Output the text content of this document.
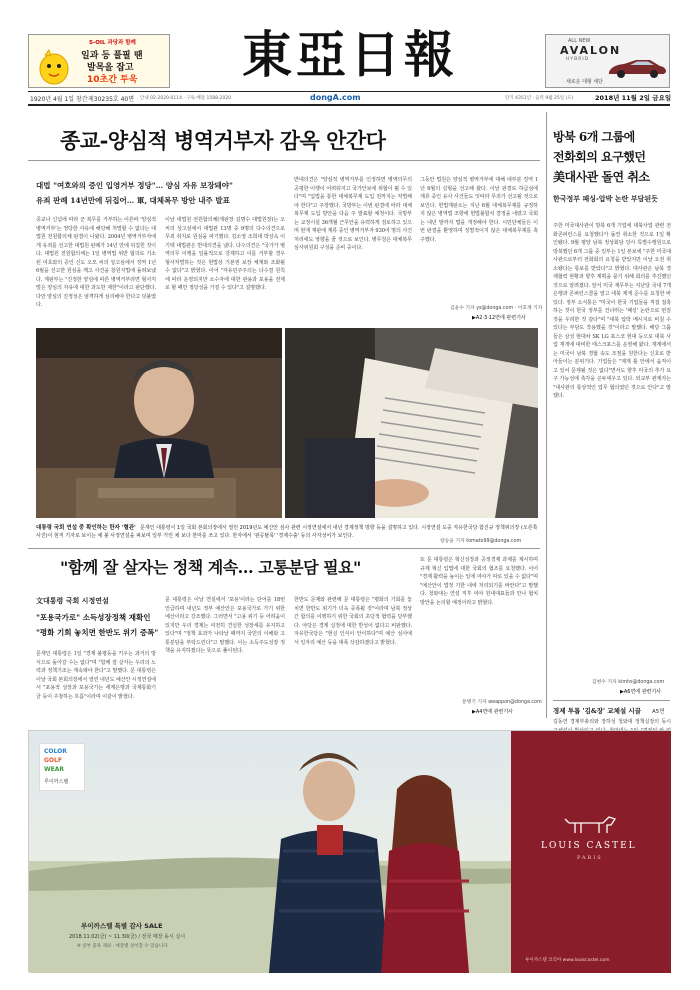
S-OIL 과당과 함께
일과 등 풀필 땐
발목을 잡고
10초간 투욱 東亞日報	ALL NEW
AVALON
HYBRID
새로운 대형 세단
1920년 4월 1일 창간 제30235호 40면 안내 02-2020-0114 · 구독·배달 1588-2020	dongA.com	단기 4351년 · 음력 9월 25일 (도)	2018년 11월 2일 금요일
종교-양심적 병역거부자 감옥 안간다
대법 "여호와의 증인 입영거부 정당"… 양심 자유 보장돼야"
유죄 판례 14년만에 뒤집어… 軍, 대체복무 방안 내주 발표
종교나 신념에 따라 군 복무를 거부하는 이른바 '양심적 병역거부'는 정당한 사유에 해당해 처벌할 수 없다는 대법원 전원합의체 판결이 나왔다. 2004년 병역거부자에게 유죄를 선고한 대법원 판례가 14년 만에 뒤집힌 것이다. 대법원 전원합의체는 1일 병역법 위반 혐의로 기소된 여호와의 증인 신도 오모 씨의 상고심에서 징역 1년 6월을 선고한 원심을 깨고 사건을 창원지법에 돌려보냈다. 재판부는 "진정한 양심에 따른 병역거부라면 형사처벌은 양심의 자유에 대한 과도한 제한"이라고 판단했다. 다만 양심의 진정성은 엄격하게 심리해야 한다고 덧붙였다.
이날 대법원 전원합의체(재판장 김명수 대법원장)는 오씨의 상고심에서 대법관 13명 중 9명의 다수의견으로 무죄 취지로 원심을 파기했다. 김소영 조희대 박상옥 이기택 대법관은 반대의견을 냈다. 다수의견은 "국가가 병역의무 이행을 일률적으로 강제하고 이를 거부할 경우 형사처벌하는 것은 헌법상 기본권 보장 체계와 조화될 수 없다"고 밝혔다. 이어 "자유민주주의는 다수결 원칙에 따라 운영되지만 소수자에 대한 관용과 포용을 전제로 할 때만 정당성을 가질 수 있다"고 설명했다.
반대의견은 "양심적 병역거부를 인정하면 병역의무의 공평한 이행이 어려워지고 국가안보에 위협이 될 수 있다"며 "입법을 통한 대체복무제 도입 전까지는 처벌해야 한다"고 주장했다. 국방부는 이번 판결에 따라 대체복무제 도입 방안을 다음 주 발표할 예정이다. 국방부는 교정시설 36개월 근무안을 유력하게 검토하고 있으며 현재 재판에 계류 중인 병역거부자 930여 명의 사건 처리에도 영향을 줄 것으로 보인다. 병무청은 대체복무 심사위원회 구성을 준비 중이다.
그동안 법원은 양심적 병역거부에 대해 대부분 징역 1년 6월의 실형을 선고해 왔다. 이날 판결로 하급심에 계류 중인 유사 사건들도 잇따라 무죄가 선고될 것으로 보인다. 헌법재판소는 지난 6월 대체복무제를 규정하지 않은 병역법 조항에 헌법불합치 결정을 내렸고 국회는 내년 말까지 법을 개정해야 한다. 시민단체들은 이번 판결을 환영하며 징벌적이지 않은 대체복무제를 촉구했다.
김윤수 기자 ys@donga.com · 이호재 기자
▶A2·3·12면에 관련기사
대통령 국회 연설 중 확인하는 한자 '혈관' 문재인 대통령이 1일 국회 본회의장에서 열린 2019년도 예산안 심사 관련 시정연설에서 내년 경제정책 방향 등을 설명하고 있다. 시정연설 도중 자유한국당 함진규 정책위의장 (오른쪽 사진)이 현직 기자로 보이는 예 불 사정연설을 펴보며 일부 가린 채 보다 한마를 쓰고 있다. 한자에서 '관공탈목' '경제수출' 등의 사자성어가 보인다.
장승윤 기자 tomato99@donga.com
"함께 잘 살자는 정책 계속… 고통분담 필요"
文대통령 국회 시정연설
"포용국가로" 소득성장정책 재확인
"평화 기회 놓치면 한반도 위기 증폭"
문재인 대통령은 1일 "경제 불평등을 키우는 과거의 방식으로 돌아갈 수는 없다"며 "함께 잘 살자는 우리의 노력과 정책기조는 계속돼야 한다"고 말했다. 문 대통령은 이날 국회 본회의장에서 열린 내년도 예산안 시정연설에서 "포용적 성장과 포용국가는 세계은행과 국제통화기금 등이 주창하는 흐름"이라며 이같이 밝혔다.
문 대통령은 이날 연설에서 '포용'이라는 단어를 18번 언급하며 내년도 정부 예산안은 포용국가로 가기 위한 예산이라고 강조했다. 그러면서 "고용 위기 등 어려움이 있지만 우리 경제는 여전히 견실한 성장세를 유지하고 있다"며 "정책 효과가 나타날 때까지 국민의 이해와 고통분담을 부탁드린다"고 말했다. 이는 소득주도성장 정책을 유지하겠다는 뜻으로 풀이된다.
한반도 문제와 관련해 문 대통령은 "평화의 기회를 놓치면 한반도 위기가 더욱 증폭될 것"이라며 남북 정상 간 합의를 이행하기 위한 국회의 초당적 협력을 당부했다. 야당은 경제 실정에 대한 반성이 없다고 비판했다. 자유한국당은 "현실 인식이 안이하다"며 예산 심사에서 일자리 예산 등을 대폭 삭감하겠다고 밝혔다.
또 문 대통령은 혁신성장과 공정경제 과제를 제시하며 규제 혁신 입법에 대한 국회의 협조를 요청했다. 이어 "경제 활력을 높이는 일에 여야가 따로 있을 수 없다"며 "예산안이 법정 기한 내에 처리되기를 바란다"고 말했다. 청와대는 연설 직후 여야 원내대표들과 만나 협치 방안을 논의할 예정이라고 밝혔다.
문병기 기자 weappon@donga.com
▶A4면에 관련기사
방북 6개 그룹에
전화회의 요구했던
美대사관 돌연 취소
한국정부 패싱-압박 논란 부담된듯
주한 미국대사관이 방북 6개 기업에 대북사업 관련 전화콘퍼런스를 요청했다가 돌연 취소한 것으로 1일 확인됐다. 9월 평양 남북 정상회담 당시 특별수행원으로 방북했던 6개 그룹 중 일부는 1일 본보에 "주한 미국대사관으로부터 전화회의 요청을 받았지만 이날 오전 취소됐다는 통보를 받았다"고 밝혔다. 대사관은 남북 경제협력 현황과 향후 계획을 묻기 위해 회의를 추진했던 것으로 알려졌다. 앞서 미국 재무부는 지난달 국내 7개 은행과 콘퍼런스콜을 열고 대북 제재 준수를 요청한 바 있다. 정부 소식통은 "미국이 한국 기업들을 직접 접촉하는 것이 한국 정부를 건너뛰는 '패싱' 논란으로 번질 것을 우려한 것 같다"며 "대북 압박 메시지로 비칠 수 있다는 부담도 작용했을 것"이라고 말했다. 해당 그룹들은 삼성 현대차 SK LG 포스코 현대 등으로 대북 사업 재개에 대비한 태스크포스를 운영해 왔다. 재계에서는 미국이 남북 경협 속도 조절을 원한다는 신호로 받아들이는 분위기다. 기업들은 "제재 틀 안에서 움직이고 있어 문제될 것은 없다"면서도 향후 미국의 추가 요구 가능성에 촉각을 곤두세우고 있다. 외교부 관계자는 "대사관의 통상적인 업무 협의였던 것으로 안다"고 말했다.
김현수 기자 kimhs@donga.com
▶A6면에 관련기사
경제 투톱 '김&장' 교체설 시끌 A5면
김동연 경제부총리와 장하성 청와대 정책실장의 동시
COLOR
GOLF
WEAR
루이까스텔
루이까스텔 특별 감사 SALE
2018.11.02(금) ~ 11.30(금) / 전국 매장 동시 실시
※ 일부 품목 제외 · 매장별 상이할 수 있습니다
LOUIS CASTEL
PARIS
루이까스텔 코리아 www.louiscastel.com
